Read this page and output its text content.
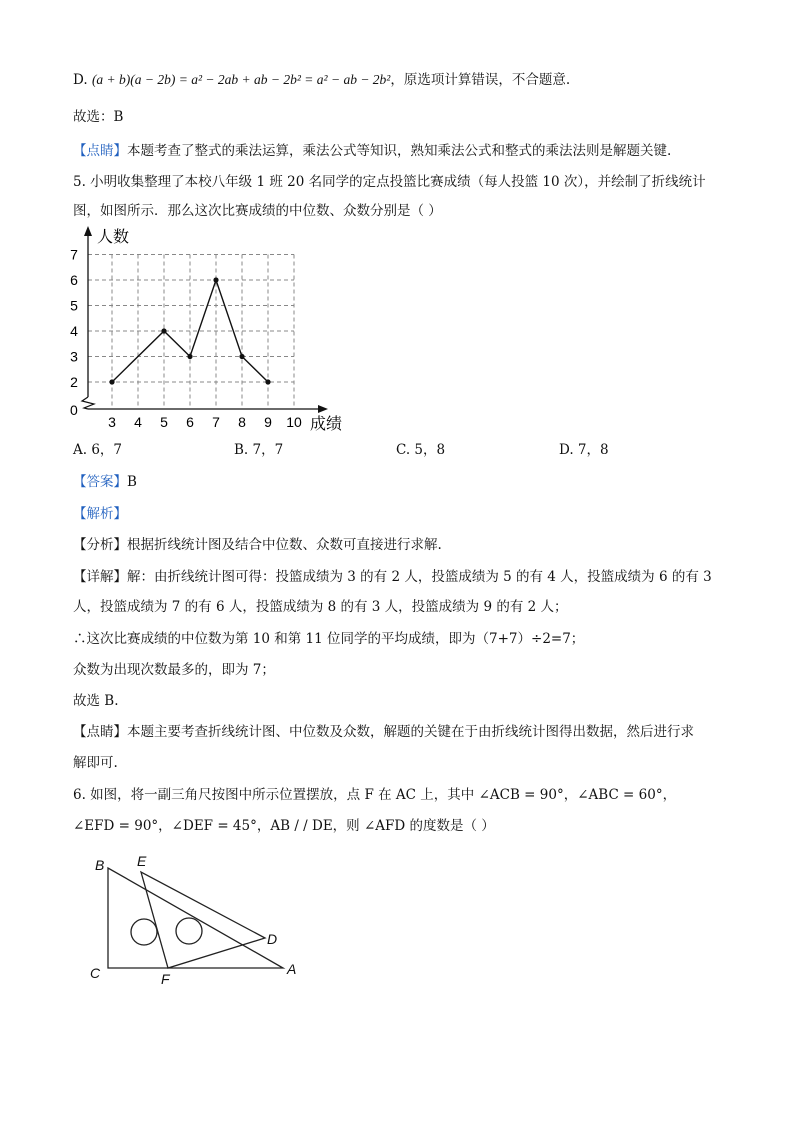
D. (a + b)(a − 2b) = a² − 2ab + ab − 2b² = a² − ab − 2b²，原选项计算错误，不合题意.
故选：B
【点睛】本题考查了整式的乘法运算，乘法公式等知识，熟知乘法公式和整式的乘法法则是解题关键.
5. 小明收集整理了本校八年级 1 班 20 名同学的定点投篮比赛成绩（每人投篮 10 次），并绘制了折线统计
图，如图所示．那么这次比赛成绩的中位数、众数分别是（ ）
3 4 5 6 7 8 9 10
2
3
4
5
6
7
人数
成绩
0
A. 6，7	B. 7，7	C. 5，8	D. 7，8
【答案】B
【解析】
【分析】根据折线统计图及结合中位数、众数可直接进行求解.
【详解】解：由折线统计图可得：投篮成绩为 3 的有 2 人，投篮成绩为 5 的有 4 人，投篮成绩为 6 的有 3
人，投篮成绩为 7 的有 6 人，投篮成绩为 8 的有 3 人，投篮成绩为 9 的有 2 人；
∴这次比赛成绩的中位数为第 10 和第 11 位同学的平均成绩，即为（7+7）÷2=7；
众数为出现次数最多的，即为 7；
故选 B.
【点睛】本题主要考查折线统计图、中位数及众数，解题的关键在于由折线统计图得出数据，然后进行求
解即可.
6. 如图，将一副三角尺按图中所示位置摆放，点 F 在 AC 上，其中 ∠ACB = 90°，∠ABC = 60°，
∠EFD = 90°，∠DEF = 45°，AB / / DE，则 ∠AFD 的度数是（ ）
B E
D
C	F
A
